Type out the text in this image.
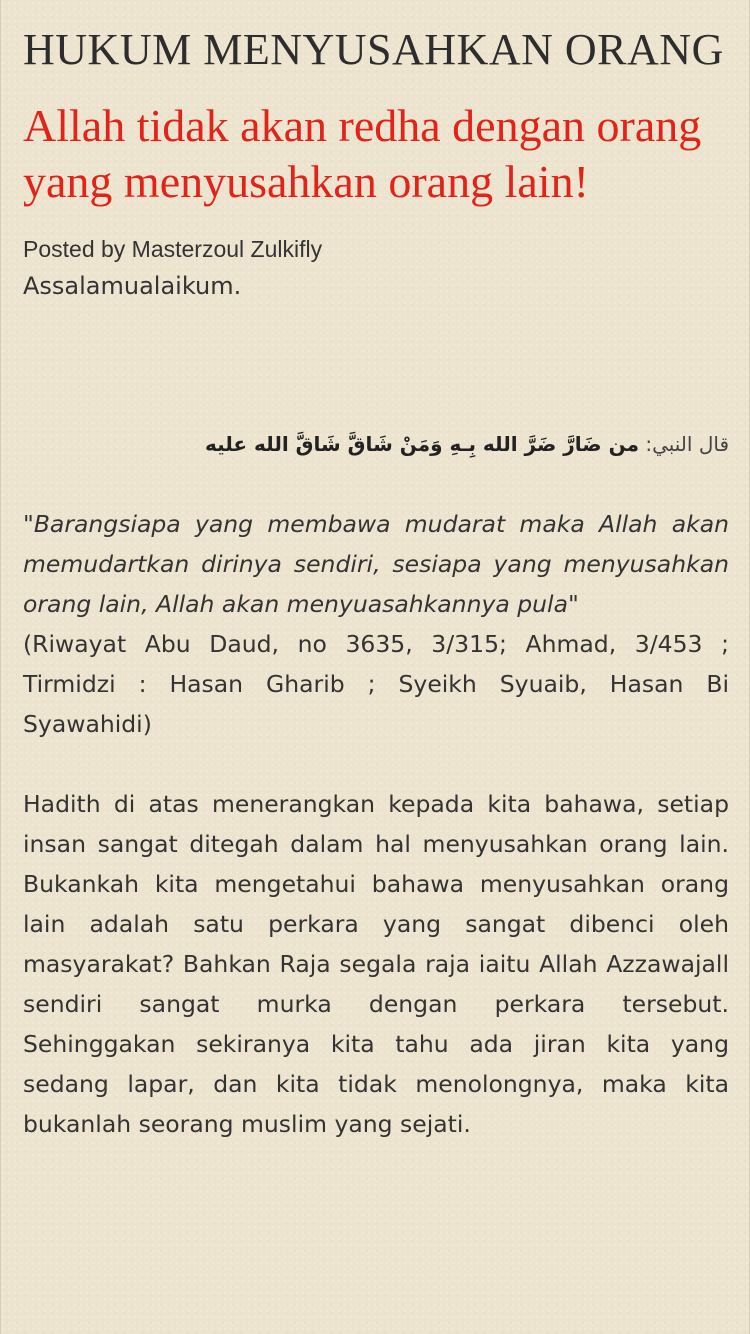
HUKUM MENYUSAHKAN ORANG
Allah tidak akan redha dengan orang yang menyusahkan orang lain!
Posted by Masterzoul Zulkifly
Assalamualaikum.
قال النبي: من ضَارَّ ضَرَّ الله بِـهِ وَمَنْ شَاقَّ شَاقَّ الله عليه
"Barangsiapa yang membawa mudarat maka Allah akan memudartkan dirinya sendiri, sesiapa yang menyusahkan orang lain, Allah akan menyuasahkannya pula"
(Riwayat Abu Daud, no 3635, 3/315; Ahmad, 3/453 ; Tirmidzi : Hasan Gharib ; Syeikh Syuaib, Hasan Bi Syawahidi)
Hadith di atas menerangkan kepada kita bahawa, setiap insan sangat ditegah dalam hal menyusahkan orang lain. Bukankah kita mengetahui bahawa menyusahkan orang lain adalah satu perkara yang sangat dibenci oleh masyarakat? Bahkan Raja segala raja iaitu Allah Azzawajall sendiri sangat murka dengan perkara tersebut. Sehinggakan sekiranya kita tahu ada jiran kita yang sedang lapar, dan kita tidak menolongnya, maka kita bukanlah seorang muslim yang sejati.
